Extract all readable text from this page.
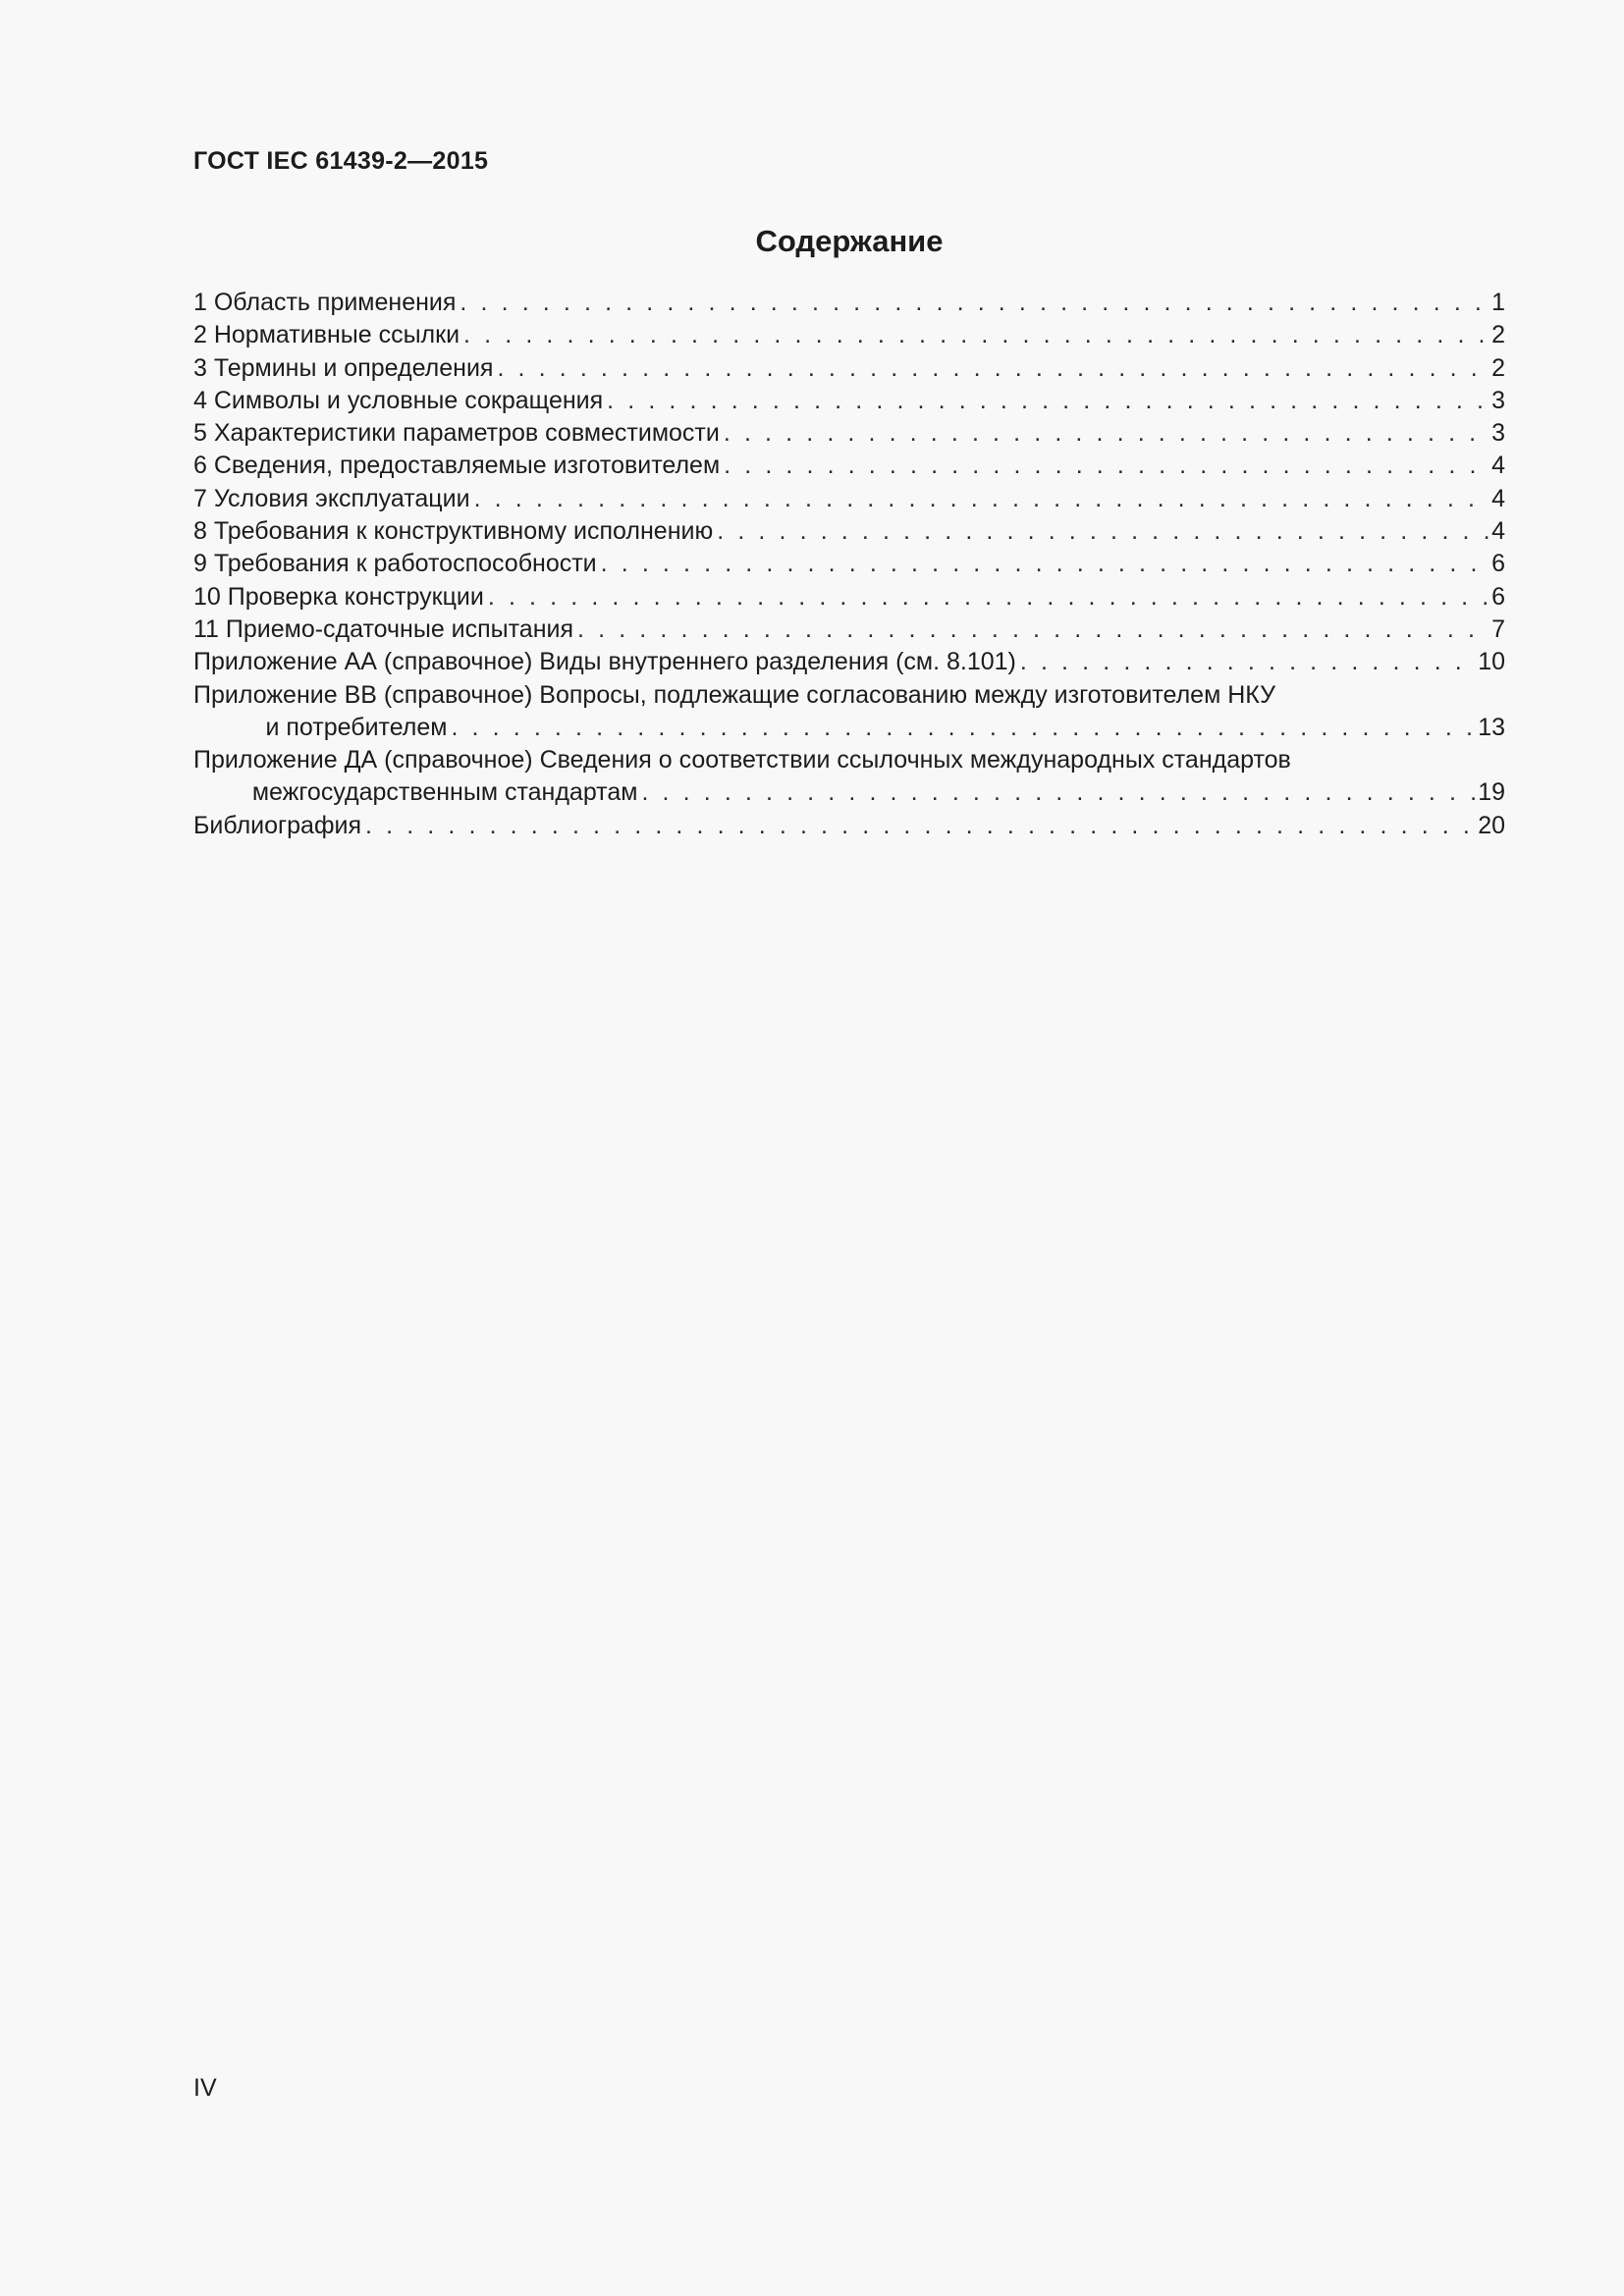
ГОСТ IEC 61439-2—2015
Содержание
1 Область применения . . .	1
2 Нормативные ссылки . . .	2
3 Термины и определения . . .	2
4 Символы и условные сокращения . . .	3
5 Характеристики параметров совместимости . . .	3
6 Сведения, предоставляемые изготовителем . . .	4
7 Условия эксплуатации . . .	4
8 Требования к конструктивному исполнению . . .	4
9 Требования к работоспособности . . .	6
10 Проверка конструкции . . .	6
11 Приемо-сдаточные испытания . . .	7
Приложение АА (справочное) Виды внутреннего разделения (см. 8.101) . . .	10
Приложение ВВ (справочное) Вопросы, подлежащие согласованию между изготовителем НКУ
и потребителем . . .	13
Приложение ДА (справочное) Сведения о соответствии ссылочных международных стандартов
межгосударственным стандартам . . .	19
Библиография . . .	20
IV
